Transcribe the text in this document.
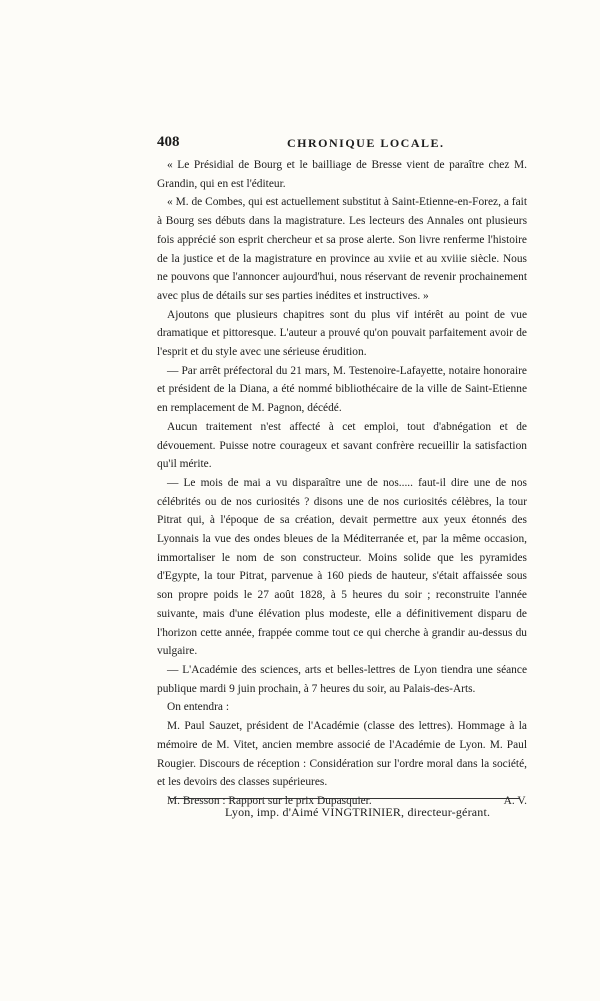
408	CHRONIQUE LOCALE.

« Le Présidial de Bourg et le bailliage de Bresse vient de paraître chez M. Grandin, qui en est l'éditeur.

« M. de Combes, qui est actuellement substitut à Saint-Etienne-en-Forez, a fait à Bourg ses débuts dans la magistrature. Les lecteurs des Annales ont plusieurs fois apprécié son esprit chercheur et sa prose alerte. Son livre renferme l'histoire de la justice et de la magistrature en province au xviie et au xviiie siècle. Nous ne pouvons que l'annoncer aujourd'hui, nous réservant de revenir prochainement avec plus de détails sur ses parties inédites et instructives. »

Ajoutons que plusieurs chapitres sont du plus vif intérêt au point de vue dramatique et pittoresque. L'auteur a prouvé qu'on pouvait parfaitement avoir de l'esprit et du style avec une sérieuse érudition.

— Par arrêt préfectoral du 21 mars, M. Testenoire-Lafayette, notaire honoraire et président de la Diana, a été nommé bibliothécaire de la ville de Saint-Etienne en remplacement de M. Pagnon, décédé.

Aucun traitement n'est affecté à cet emploi, tout d'abnégation et de dévouement. Puisse notre courageux et savant confrère recueillir la satisfaction qu'il mérite.

— Le mois de mai a vu disparaître une de nos..... faut-il dire une de nos célébrités ou de nos curiosités ? disons une de nos curiosités célèbres, la tour Pitrat qui, à l'époque de sa création, devait permettre aux yeux étonnés des Lyonnais la vue des ondes bleues de la Méditerranée et, par la même occasion, immortaliser le nom de son constructeur. Moins solide que les pyramides d'Egypte, la tour Pitrat, parvenue à 160 pieds de hauteur, s'était affaissée sous son propre poids le 27 août 1828, à 5 heures du soir ; reconstruite l'année suivante, mais d'une élévation plus modeste, elle a définitivement disparu de l'horizon cette année, frappée comme tout ce qui cherche à grandir au-dessus du vulgaire.

— L'Académie des sciences, arts et belles-lettres de Lyon tiendra une séance publique mardi 9 juin prochain, à 7 heures du soir, au Palais-des-Arts.

On entendra :

M. Paul Sauzet, président de l'Académie (classe des lettres). Hommage à la mémoire de M. Vitet, ancien membre associé de l'Académie de Lyon. M. Paul Rougier. Discours de réception : Considération sur l'ordre moral dans la société, et les devoirs des classes supérieures.

M. Bresson : Rapport sur le prix Dupasquier.	A. V.

Lyon, imp. d'Aimé VINGTRINIER, directeur-gérant.
